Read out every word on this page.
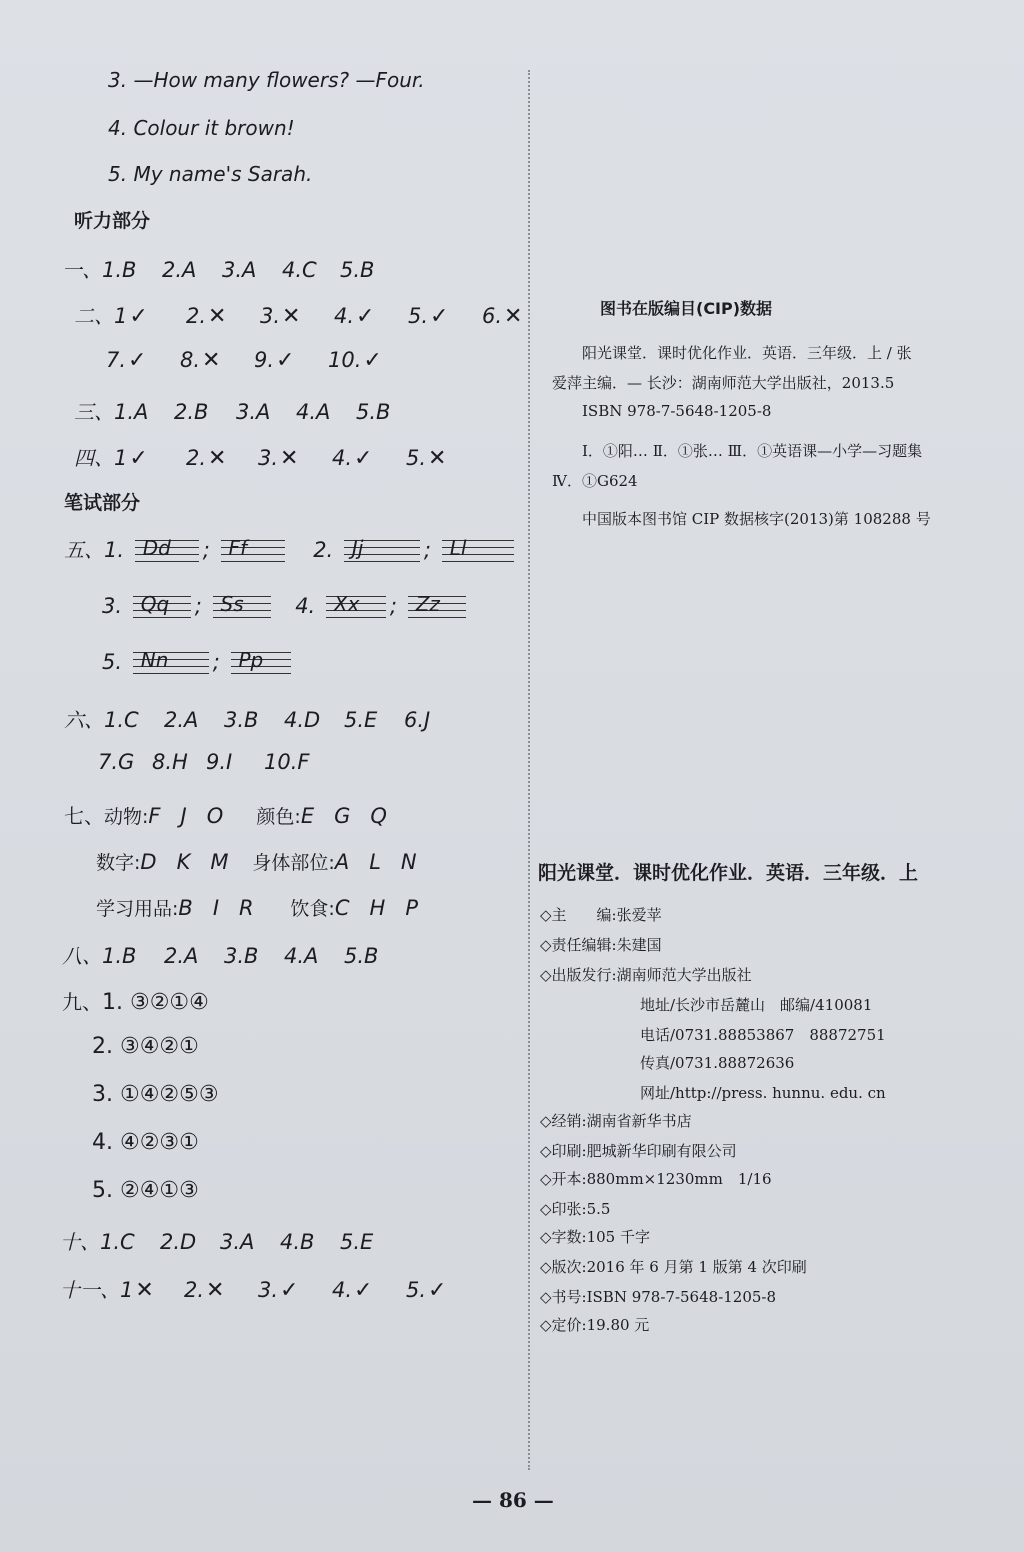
3. —How many flowers? —Four.
4. Colour it brown!
5. My name's Sarah.
听力部分
一、1.B 2.A 3.A 4.C 5.B
二、1✓ 2.✕ 3.✕ 4.✓ 5.✓ 6.✕
7.✓ 8.✕ 9.✓ 10.✓
三、1.A 2.B 3.A 4.A 5.B
四、1✓ 2.✕ 3.✕ 4.✓ 5.✕
笔试部分
五、1. Dd ; Ff	2. Jj	; Ll
3. Qq ; Ss 4. Xx ; Zz
5. Nn ; Pp
六、1.C 2.A 3.B 4.D 5.E 6.J
7.G 8.H 9.I 10.F
七、动物:F   J   O 颜色:E   G   Q
数字:D   K   M 身体部位:A   L   N
学习用品:B   I   R 饮食:C   H   P
八、1.B 2.A 3.B 4.A 5.B
九、1. ③②①④
2. ③④②①
3. ①④②⑤③
4. ④②③①
5. ②④①③
十、1.C 2.D 3.A 4.B 5.E
十一、1✕ 2.✕ 3.✓ 4.✓ 5.✓
图书在版编目(CIP)数据
阳光课堂．课时优化作业．英语．三年级．上 / 张
爱萍主编．— 长沙：湖南师范大学出版社，2013.5
ISBN 978-7-5648-1205-8
Ⅰ．①阳… Ⅱ．①张… Ⅲ．①英语课—小学—习题集
Ⅳ．①G624
中国版本图书馆 CIP 数据核字(2013)第 108288 号
阳光课堂．课时优化作业．英语．三年级．上
◇主　　编:张爱苹
◇责任编辑:朱建国
◇出版发行:湖南师范大学出版社
地址/长沙市岳麓山　邮编/410081
电话/0731.88853867　88872751
传真/0731.88872636
网址/http://press. hunnu. edu. cn
◇经销:湖南省新华书店
◇印刷:肥城新华印刷有限公司
◇开本:880mm×1230mm　1/16
◇印张:5.5
◇字数:105 千字
◇版次:2016 年 6 月第 1 版第 4 次印刷
◇书号:ISBN 978-7-5648-1205-8
◇定价:19.80 元
— 86 —
